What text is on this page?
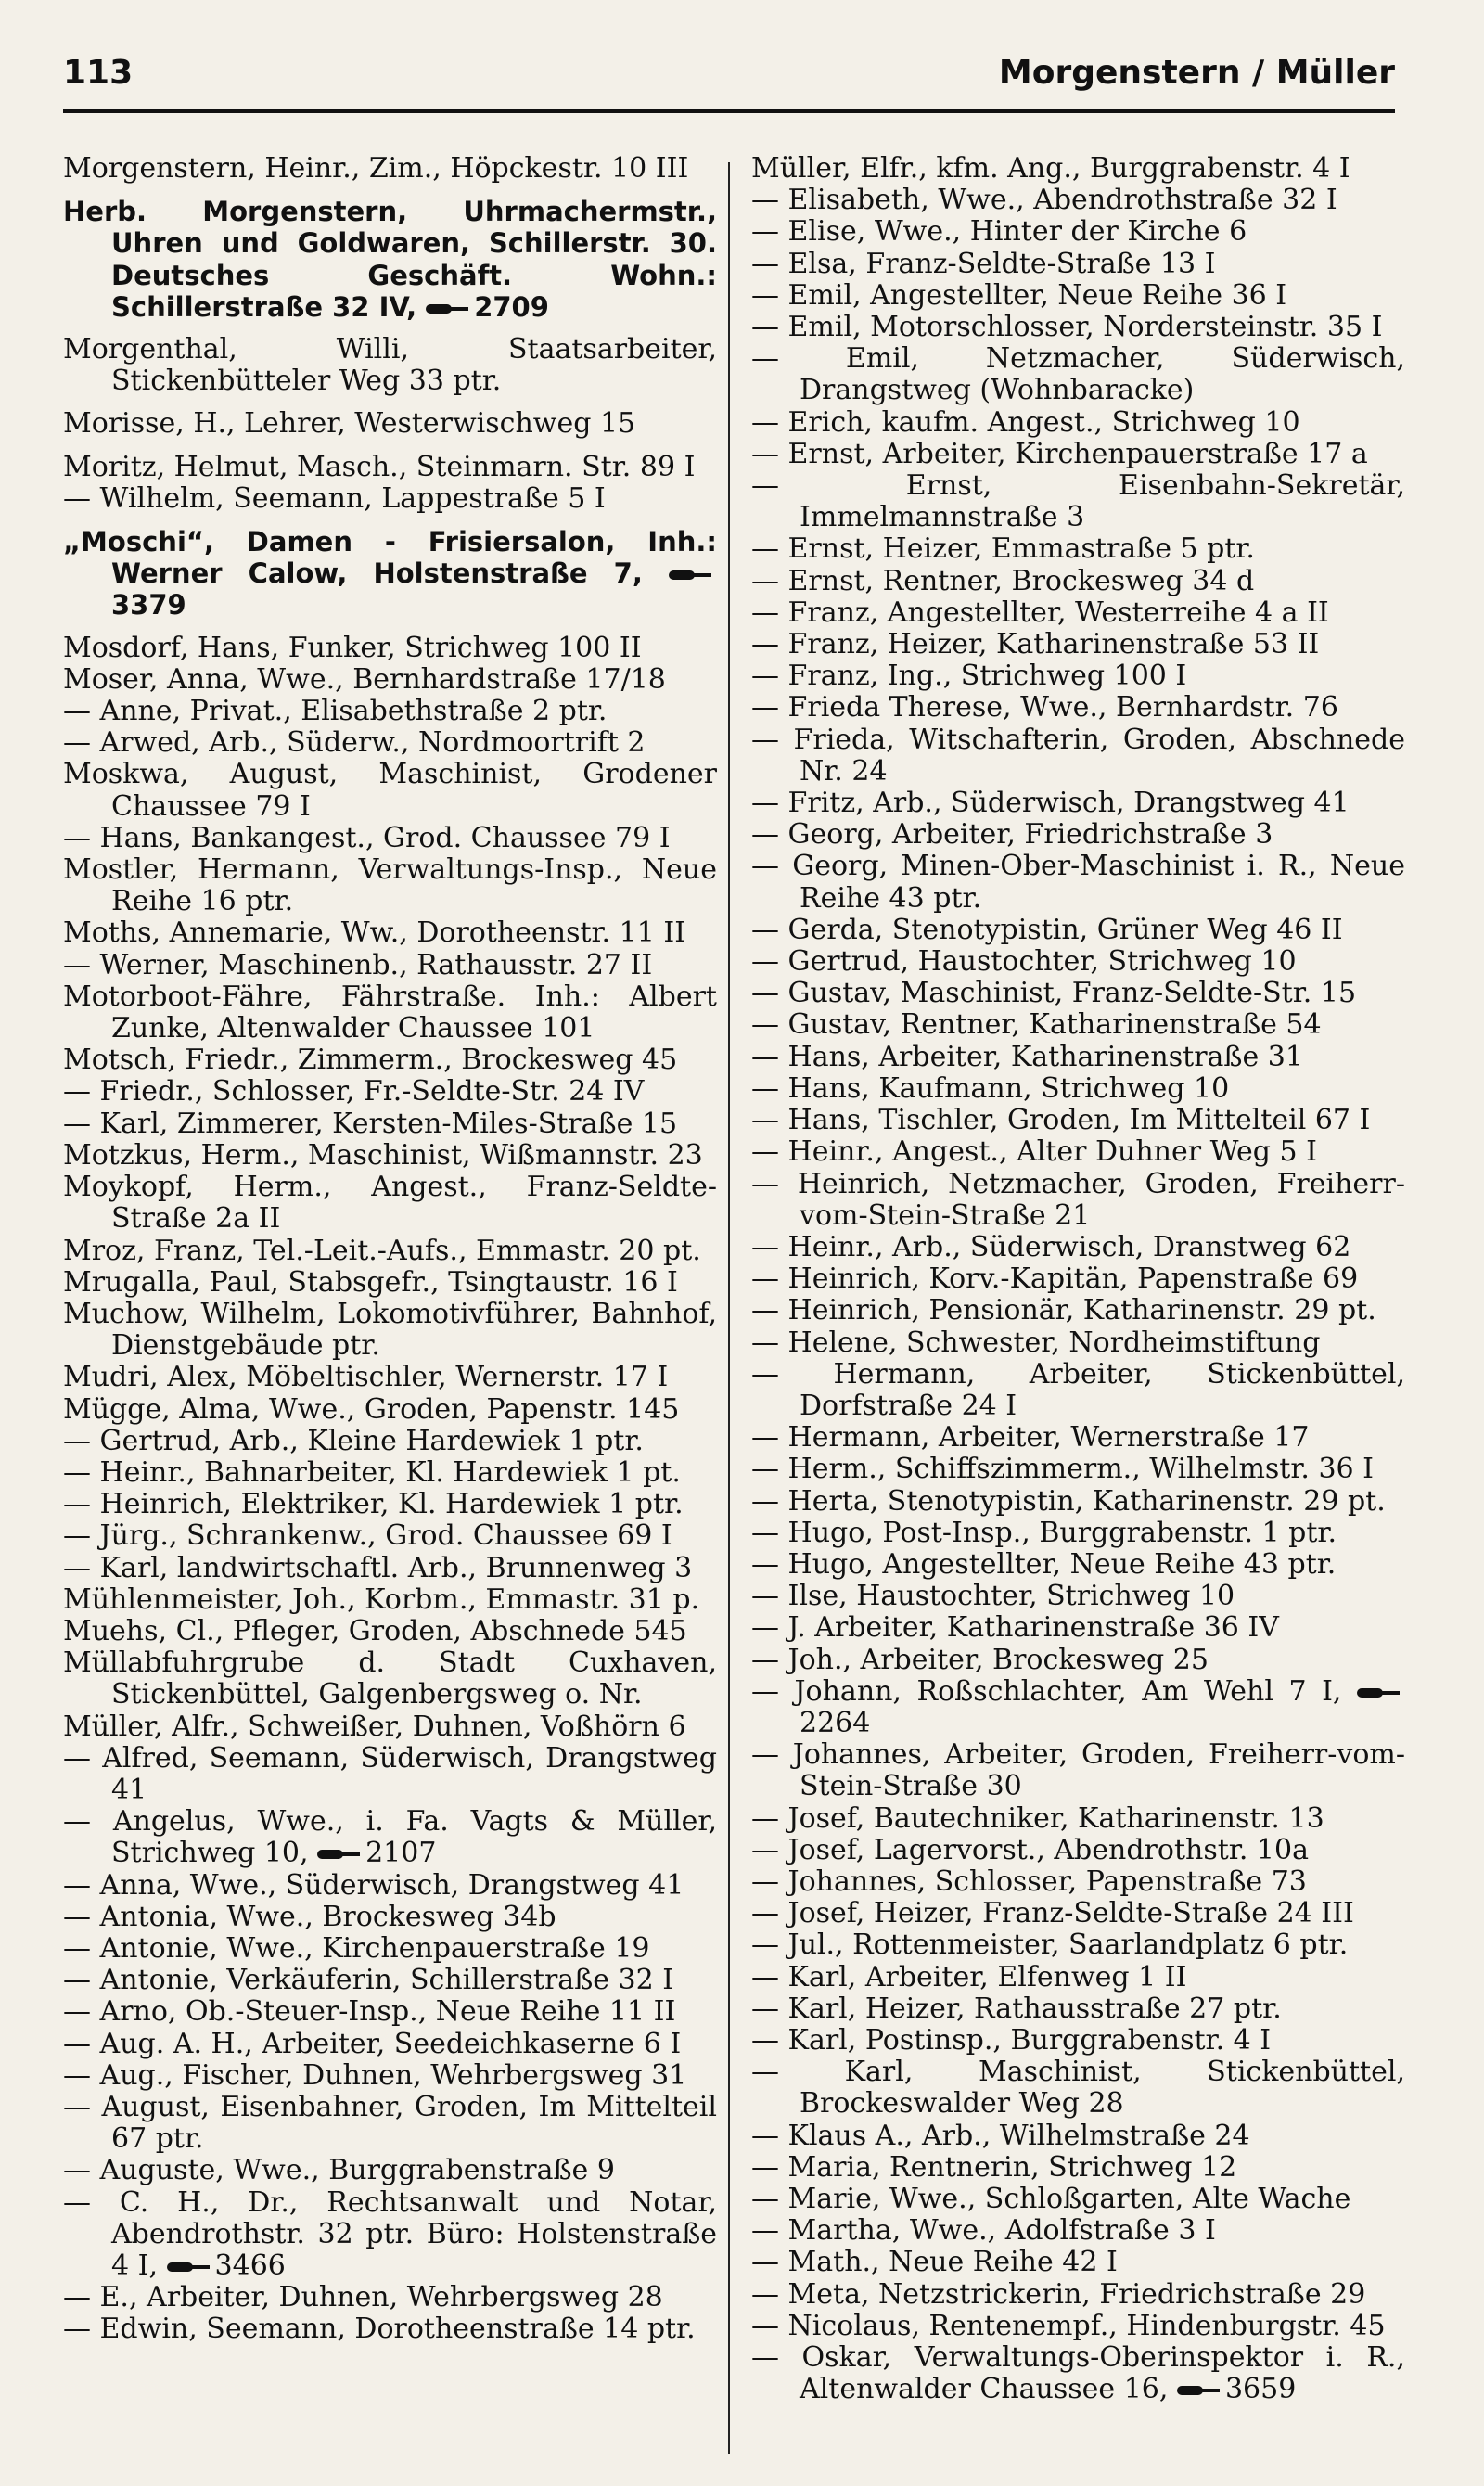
113	Morgenstern / Müller

Morgenstern, Heinr., Zim., Höpckestr. 10 III

Herb. Morgenstern, Uhrmachermstr., Uhren und Goldwaren, Schillerstr. 30. Deutsches Geschäft. Wohn.: Schillerstraße 32 IV, 2709

Morgenthal, Willi, Staatsarbeiter, Stickenbütteler Weg 33 ptr.

Morisse, H., Lehrer, Westerwischweg 15

Moritz, Helmut, Masch., Steinmarn. Str. 89 I

— Wilhelm, Seemann, Lappestraße 5 I

„Moschi“, Damen - Frisiersalon, Inh.: Werner Calow, Holstenstraße 7, 3379

Mosdorf, Hans, Funker, Strichweg 100 II

Moser, Anna, Wwe., Bernhardstraße 17/18

— Anne, Privat., Elisabethstraße 2 ptr.

— Arwed, Arb., Süderw., Nordmoortrift 2

Moskwa, August, Maschinist, Grodener Chaussee 79 I

— Hans, Bankangest., Grod. Chaussee 79 I

Mostler, Hermann, Verwaltungs-Insp., Neue Reihe 16 ptr.

Moths, Annemarie, Ww., Dorotheenstr. 11 II

— Werner, Maschinenb., Rathausstr. 27 II

Motorboot-Fähre, Fährstraße. Inh.: Albert Zunke, Altenwalder Chaussee 101

Motsch, Friedr., Zimmerm., Brockesweg 45

— Friedr., Schlosser, Fr.-Seldte-Str. 24 IV

— Karl, Zimmerer, Kersten-Miles-Straße 15

Motzkus, Herm., Maschinist, Wißmannstr. 23

Moykopf, Herm., Angest., Franz-Seldte-Straße 2a II

Mroz, Franz, Tel.-Leit.-Aufs., Emmastr. 20 pt.

Mrugalla, Paul, Stabsgefr., Tsingtaustr. 16 I

Muchow, Wilhelm, Lokomotivführer, Bahnhof, Dienstgebäude ptr.

Mudri, Alex, Möbeltischler, Wernerstr. 17 I

Mügge, Alma, Wwe., Groden, Papenstr. 145

— Gertrud, Arb., Kleine Hardewiek 1 ptr.

— Heinr., Bahnarbeiter, Kl. Hardewiek 1 pt.

— Heinrich, Elektriker, Kl. Hardewiek 1 ptr.

— Jürg., Schrankenw., Grod. Chaussee 69 I

— Karl, landwirtschaftl. Arb., Brunnenweg 3

Mühlenmeister, Joh., Korbm., Emmastr. 31 p.

Muehs, Cl., Pfleger, Groden, Abschnede 545

Müllabfuhrgrube d. Stadt Cuxhaven, Stickenbüttel, Galgenbergsweg o. Nr.

Müller, Alfr., Schweißer, Duhnen, Voßhörn 6

— Alfred, Seemann, Süderwisch, Drangstweg 41

— Angelus, Wwe., i. Fa. Vagts & Müller, Strichweg 10, 2107

— Anna, Wwe., Süderwisch, Drangstweg 41

— Antonia, Wwe., Brockesweg 34b

— Antonie, Wwe., Kirchenpauerstraße 19

— Antonie, Verkäuferin, Schillerstraße 32 I

— Arno, Ob.-Steuer-Insp., Neue Reihe 11 II

— Aug. A. H., Arbeiter, Seedeichkaserne 6 I

— Aug., Fischer, Duhnen, Wehrbergsweg 31

— August, Eisenbahner, Groden, Im Mittelteil 67 ptr.

— Auguste, Wwe., Burggrabenstraße 9

— C. H., Dr., Rechtsanwalt und Notar, Abendrothstr. 32 ptr. Büro: Holstenstraße 4 I, 3466

— E., Arbeiter, Duhnen, Wehrbergsweg 28

— Edwin, Seemann, Dorotheenstraße 14 ptr.

Müller, Elfr., kfm. Ang., Burggrabenstr. 4 I

— Elisabeth, Wwe., Abendrothstraße 32 I

— Elise, Wwe., Hinter der Kirche 6

— Elsa, Franz-Seldte-Straße 13 I

— Emil, Angestellter, Neue Reihe 36 I

— Emil, Motorschlosser, Nordersteinstr. 35 I

— Emil, Netzmacher, Süderwisch, Drangstweg (Wohnbaracke)

— Erich, kaufm. Angest., Strichweg 10

— Ernst, Arbeiter, Kirchenpauerstraße 17 a

— Ernst, Eisenbahn-Sekretär, Immelmannstraße 3

— Ernst, Heizer, Emmastraße 5 ptr.

— Ernst, Rentner, Brockesweg 34 d

— Franz, Angestellter, Westerreihe 4 a II

— Franz, Heizer, Katharinenstraße 53 II

— Franz, Ing., Strichweg 100 I

— Frieda Therese, Wwe., Bernhardstr. 76

— Frieda, Witschafterin, Groden, Abschnede Nr. 24

— Fritz, Arb., Süderwisch, Drangstweg 41

— Georg, Arbeiter, Friedrichstraße 3

— Georg, Minen-Ober-Maschinist i. R., Neue Reihe 43 ptr.

— Gerda, Stenotypistin, Grüner Weg 46 II

— Gertrud, Haustochter, Strichweg 10

— Gustav, Maschinist, Franz-Seldte-Str. 15

— Gustav, Rentner, Katharinenstraße 54

— Hans, Arbeiter, Katharinenstraße 31

— Hans, Kaufmann, Strichweg 10

— Hans, Tischler, Groden, Im Mittelteil 67 I

— Heinr., Angest., Alter Duhner Weg 5 I

— Heinrich, Netzmacher, Groden, Freiherr-vom-Stein-Straße 21

— Heinr., Arb., Süderwisch, Dranstweg 62

— Heinrich, Korv.-Kapitän, Papenstraße 69

— Heinrich, Pensionär, Katharinenstr. 29 pt.

— Helene, Schwester, Nordheimstiftung

— Hermann, Arbeiter, Stickenbüttel, Dorfstraße 24 I

— Hermann, Arbeiter, Wernerstraße 17

— Herm., Schiffszimmerm., Wilhelmstr. 36 I

— Herta, Stenotypistin, Katharinenstr. 29 pt.

— Hugo, Post-Insp., Burggrabenstr. 1 ptr.

— Hugo, Angestellter, Neue Reihe 43 ptr.

— Ilse, Haustochter, Strichweg 10

— J. Arbeiter, Katharinenstraße 36 IV

— Joh., Arbeiter, Brockesweg 25

— Johann, Roßschlachter, Am Wehl 7 I, 2264

— Johannes, Arbeiter, Groden, Freiherr-vom-Stein-Straße 30

— Josef, Bautechniker, Katharinenstr. 13

— Josef, Lagervorst., Abendrothstr. 10a

— Johannes, Schlosser, Papenstraße 73

— Josef, Heizer, Franz-Seldte-Straße 24 III

— Jul., Rottenmeister, Saarlandplatz 6 ptr.

— Karl, Arbeiter, Elfenweg 1 II

— Karl, Heizer, Rathausstraße 27 ptr.

— Karl, Postinsp., Burggrabenstr. 4 I

— Karl, Maschinist, Stickenbüttel, Brockeswalder Weg 28

— Klaus A., Arb., Wilhelmstraße 24

— Maria, Rentnerin, Strichweg 12

— Marie, Wwe., Schloßgarten, Alte Wache

— Martha, Wwe., Adolfstraße 3 I

— Math., Neue Reihe 42 I

— Meta, Netzstrickerin, Friedrichstraße 29

— Nicolaus, Rentenempf., Hindenburgstr. 45

— Oskar, Verwaltungs-Oberinspektor i. R., Altenwalder Chaussee 16, 3659
